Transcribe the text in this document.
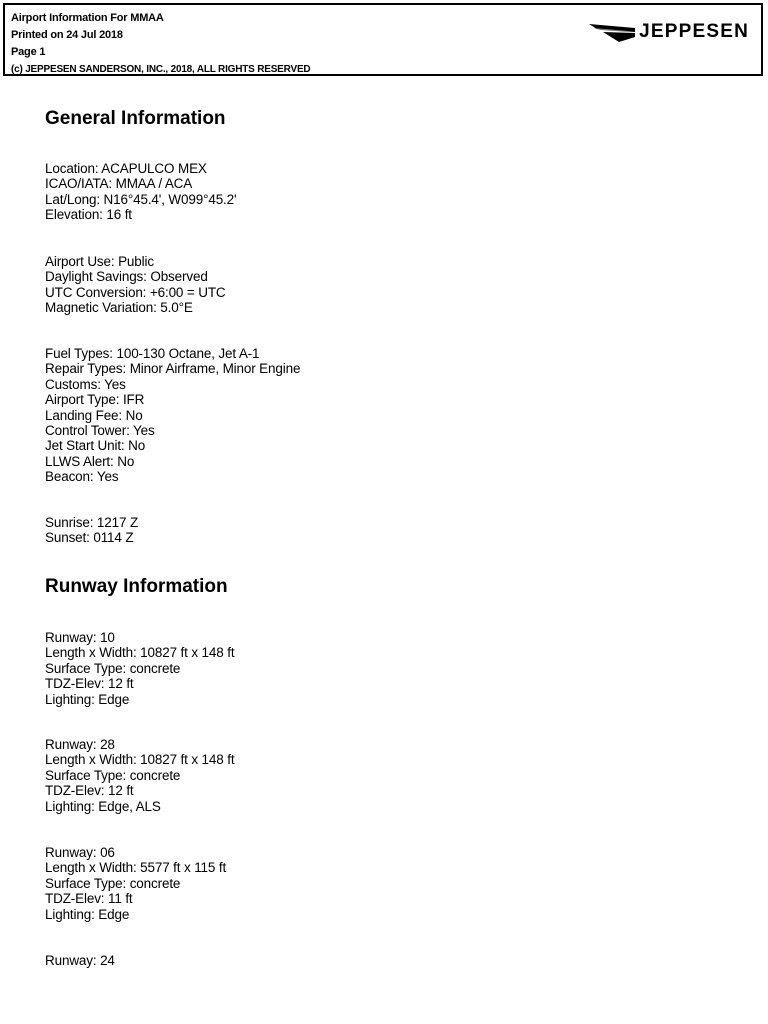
Airport Information For MMAA
Printed on 24 Jul 2018
Page 1
(c) JEPPESEN SANDERSON, INC., 2018, ALL RIGHTS RESERVED
JEPPESEN
General Information
Location: ACAPULCO MEX
ICAO/IATA: MMAA / ACA
Lat/Long: N16°45.4', W099°45.2'
Elevation: 16 ft
Airport Use: Public
Daylight Savings: Observed
UTC Conversion: +6:00 = UTC
Magnetic Variation: 5.0°E
Fuel Types: 100-130 Octane, Jet A-1
Repair Types: Minor Airframe, Minor Engine
Customs: Yes
Airport Type: IFR
Landing Fee: No
Control Tower: Yes
Jet Start Unit: No
LLWS Alert: No
Beacon: Yes
Sunrise: 1217 Z
Sunset: 0114 Z
Runway Information
Runway: 10
Length x Width: 10827 ft x 148 ft
Surface Type: concrete
TDZ-Elev: 12 ft
Lighting: Edge
Runway: 28
Length x Width: 10827 ft x 148 ft
Surface Type: concrete
TDZ-Elev: 12 ft
Lighting: Edge, ALS
Runway: 06
Length x Width: 5577 ft x 115 ft
Surface Type: concrete
TDZ-Elev: 11 ft
Lighting: Edge
Runway: 24
